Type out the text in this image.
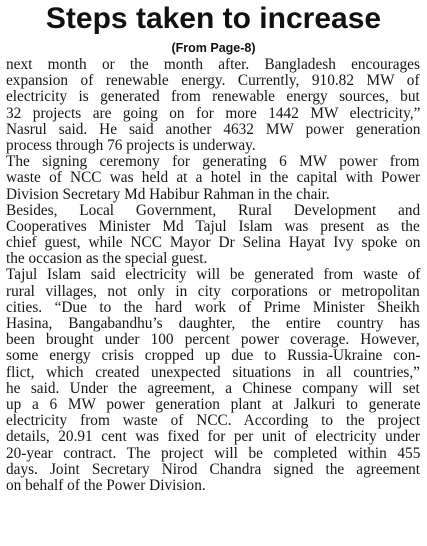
Steps taken to increase
(From Page-8)
next month or the month after. Bangladesh encourages
expansion of renewable energy. Currently, 910.82 MW of
electricity is generated from renewable energy sources, but
32 projects are going on for more 1442 MW electricity,”
Nasrul said. He said another 4632 MW power generation
process through 76 projects is underway.
The signing ceremony for generating 6 MW power from
waste of NCC was held at a hotel in the capital with Power
Division Secretary Md Habibur Rahman in the chair.
Besides, Local Government, Rural Development and
Cooperatives Minister Md Tajul Islam was present as the
chief guest, while NCC Mayor Dr Selina Hayat Ivy spoke on
the occasion as the special guest.
Tajul Islam said electricity will be generated from waste of
rural villages, not only in city corporations or metropolitan
cities. “Due to the hard work of Prime Minister Sheikh
Hasina, Bangabandhu’s daughter, the entire country has
been brought under 100 percent power coverage. However,
some energy crisis cropped up due to Russia-Ukraine con-
flict, which created unexpected situations in all countries,”
he said. Under the agreement, a Chinese company will set
up a 6 MW power generation plant at Jalkuri to generate
electricity from waste of NCC. According to the project
details, 20.91 cent was fixed for per unit of electricity under
20-year contract. The project will be completed within 455
days. Joint Secretary Nirod Chandra signed the agreement
on behalf of the Power Division.
